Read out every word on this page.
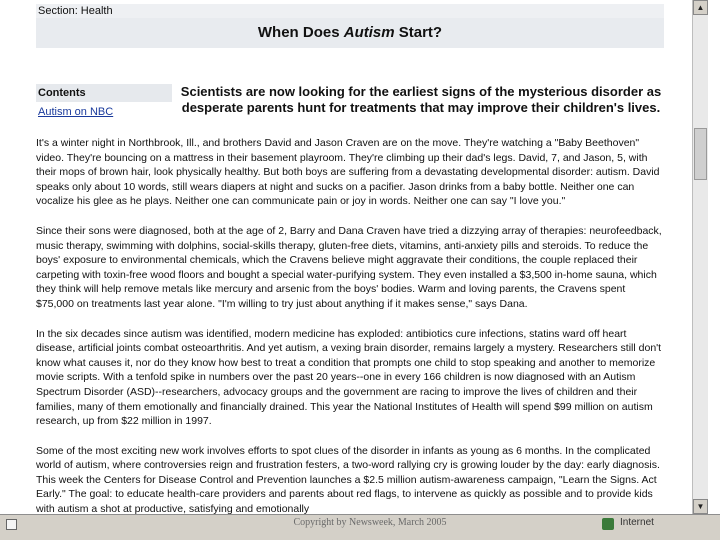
Section: Health
When Does Autism Start?
Contents
Autism on NBC
Scientists are now looking for the earliest signs of the mysterious disorder as desperate parents hunt for treatments that may improve their children's lives.

It's a winter night in Northbrook, Ill., and brothers David and Jason Craven are on the move. They're watching a "Baby Beethoven" video. They're bouncing on a mattress in their basement playroom. They're climbing up their dad's legs. David, 7, and Jason, 5, with their mops of brown hair, look physically healthy. But both boys are suffering from a devastating developmental disorder: autism. David speaks only about 10 words, still wears diapers at night and sucks on a pacifier. Jason drinks from a baby bottle. Neither one can vocalize his glee as he plays. Neither one can communicate pain or joy in words. Neither one can say "I love you."

Since their sons were diagnosed, both at the age of 2, Barry and Dana Craven have tried a dizzying array of therapies: neurofeedback, music therapy, swimming with dolphins, social-skills therapy, gluten-free diets, vitamins, anti-anxiety pills and steroids. To reduce the boys' exposure to environmental chemicals, which the Cravens believe might aggravate their conditions, the couple replaced their carpeting with toxin-free wood floors and bought a special water-purifying system. They even installed a $3,500 in-home sauna, which they think will help remove metals like mercury and arsenic from the boys' bodies. Warm and loving parents, the Cravens spent $75,000 on treatments last year alone. "I'm willing to try just about anything if it makes sense," says Dana.

In the six decades since autism was identified, modern medicine has exploded: antibiotics cure infections, statins ward off heart disease, artificial joints combat osteoarthritis. And yet autism, a vexing brain disorder, remains largely a mystery. Researchers still don't know what causes it, nor do they know how best to treat a condition that prompts one child to stop speaking and another to memorize movie scripts. With a tenfold spike in numbers over the past 20 years--one in every 166 children is now diagnosed with an Autism Spectrum Disorder (ASD)--researchers, advocacy groups and the government are racing to improve the lives of children and their families, many of them emotionally and financially drained. This year the National Institutes of Health will spend $99 million on autism research, up from $22 million in 1997.

Some of the most exciting new work involves efforts to spot clues of the disorder in infants as young as 6 months. In the complicated world of autism, where controversies reign and frustration festers, a two-word rallying cry is growing louder by the day: early diagnosis. This week the Centers for Disease Control and Prevention launches a $2.5 million autism-awareness campaign, "Learn the Signs. Act Early." The goal: to educate health-care providers and parents about red flags, to intervene as quickly as possible and to provide kids with autism a shot at productive, satisfying and emotionally

▲
▼
Copyright by Newsweek, March 2005	Internet
